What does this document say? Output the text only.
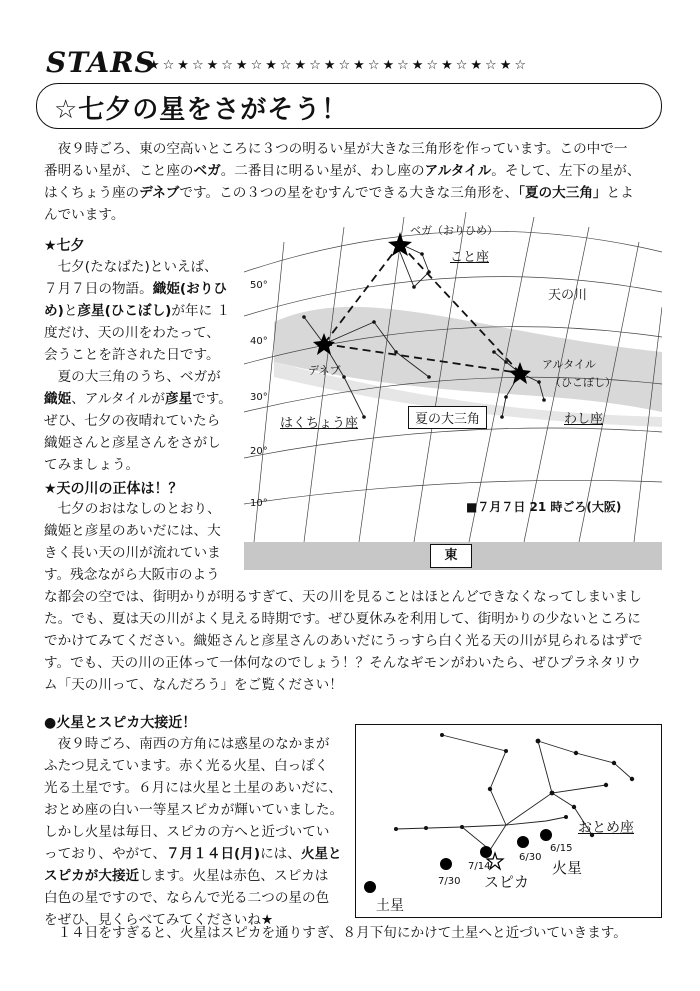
STARS
★☆★☆★☆★☆★☆★☆★☆★☆★☆★☆★☆★☆★☆
☆七夕の星をさがそう！
　夜９時ごろ、東の空高いところに３つの明るい星が大きな三角形を作っています。この中で一
番明るい星が、こと座のベガ。二番目に明るい星が、わし座のアルタイル。そして、左下の星が、
はくちょう座のデネブです。この３つの星をむすんでできる大きな三角形を、「夏の大三角」とよ
んでいます。
★七夕
　七夕(たなばた)といえば、
７月７日の物語。織姫(おりひ
め)と彦星(ひこぼし)が年に １
度だけ、天の川をわたって、
会うことを許された日です。
　夏の大三角のうち、ベガが
織姫、アルタイルが彦星です。
ぜひ、七夕の夜晴れていたら
織姫さんと彦星さんをさがし
てみましょう。
★天の川の正体は！？
　七夕のおはなしのとおり、
織姫と彦星のあいだには、大
きく長い天の川が流れていま
す。残念ながら大阪市のよう
な都会の空では、街明かりが明るすぎて、天の川を見ることはほとんどできなくなってしまいまし
た。でも、夏は天の川がよく見える時期です。ぜひ夏休みを利用して、街明かりの少ないところに
でかけてみてください。織姫さんと彦星さんのあいだにうっすら白く光る天の川が見られるはずで
す。でも、天の川の正体って一体何なのでしょう！？そんなギモンがわいたら、ぜひプラネタリウ
ム「天の川って、なんだろう」をご覧ください！
ベガ（おりひめ）
こと座
天の川
デネブ	アルタイル
（ひこぼし）
はくちょう座	夏の大三角	わし座
50°
40°
30°
20°
10°	■７月７日 21 時ごろ(大阪)
東
●火星とスピカ大接近！
　夜９時ごろ、南西の方角には惑星のなかまが
ふたつ見えています。赤く光る火星、白っぽく
光る土星です。６月には火星と土星のあいだに、
おとめ座の白い一等星スピカが輝いていました。
しかし火星は毎日、スピカの方へと近づいてい
っており、やがて、７月１４日(月)には、火星と
スピカが大接近します。火星は赤色、スピカは
白色の星ですので、ならんで光る二つの星の色
をぜひ、見くらべてみてくださいね★
　１４日をすぎると、火星はスピカを通りすぎ、８月下旬にかけて土星へと近づいていきます。
おとめ座
6/15
6/30
7/14
7/30
火星
スピカ
土星
